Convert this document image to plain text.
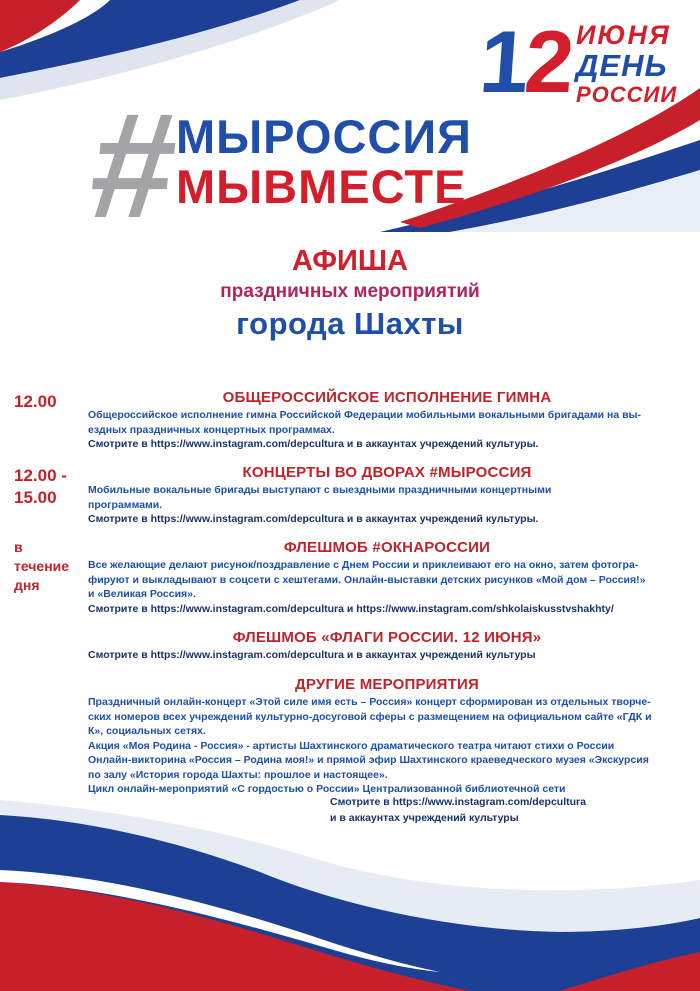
12 ИЮНЯ
ДЕНЬ
РОССИИ
#
МЫРОССИЯ
МЫВМЕСТЕ
АФИША
праздничных мероприятий
города Шахты
12.00	ОБЩЕРОССИЙСКОЕ ИСПОЛНЕНИЕ ГИМНА

Общероссийское исполнение гимна Российской Федерации мобильными вокальными бригадами на вы-

ездных праздничных концертных программах.

Смотрите в https://www.instagram.com/depcultura и в аккаунтах учреждений культуры.

12.00 -
15.00
КОНЦЕРТЫ ВО ДВОРАХ #МЫРОССИЯ

Мобильные вокальные бригады выступают с выездными праздничными концертными

программами.

Смотрите в https://www.instagram.com/depcultura и в аккаунтах учреждений культуры.

в
течение
дня
ФЛЕШМОБ #ОКНАРОССИИ

Все желающие делают рисунок/поздравление с Днем России и приклеивают его на окно, затем фотогра-

фируют и выкладывают в соцсети с хештегами. Онлайн-выставки детских рисунков «Мой дом – Россия!»

и «Великая Россия».

Смотрите в https://www.instagram.com/depcultura и https://www.instagram.com/shkolaiskusstvshakhty/

ФЛЕШМОБ «ФЛАГИ РОССИИ. 12 ИЮНЯ»

Смотрите в https://www.instagram.com/depcultura и в аккаунтах учреждений культуры

ДРУГИЕ МЕРОПРИЯТИЯ

Праздничный онлайн-концерт «Этой силе имя есть – Россия» концерт сформирован из отдельных творче-

ских номеров всех учреждений культурно-досуговой сферы с размещением на официальном сайте «ГДК и

К», социальных сетях.

Акция «Моя Родина - Россия» - артисты Шахтинского драматического театра читают стихи о России

Онлайн-викторина «Россия – Родина моя!» и прямой эфир Шахтинского краеведческого музея «Экскурсия

по залу «История города Шахты: прошлое и настоящее».

Цикл онлайн-мероприятий «С гордостью о России» Централизованной библиотечной сети

Смотрите в https://www.instagram.com/depcultura
и в аккаунтах учреждений культуры
